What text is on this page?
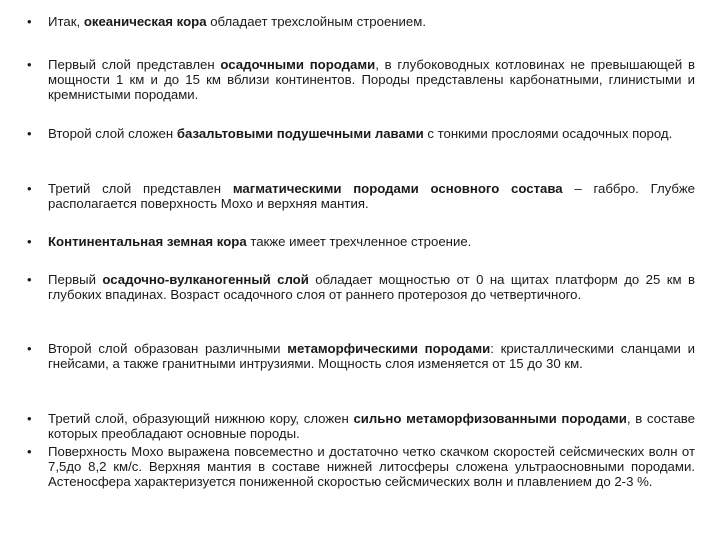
• Итак, океаническая кора обладает трехслойным строением.
• Первый слой представлен осадочными породами, в глубоководных котловинах не превышающей в мощности 1 км и до 15 км вблизи континентов. Породы представлены карбонатными, глинистыми и кремнистыми породами.
• Второй слой сложен базальтовыми подушечными лавами с тонкими прослоями осадочных пород.
• Третий слой представлен магматическими породами основного состава – габбро. Глубже располагается поверхность Мохо и верхняя мантия.
• Континентальная земная кора также имеет трехчленное строение.
• Первый осадочно-вулканогенный слой обладает мощностью от 0 на щитах платформ до 25 км в глубоких впадинах. Возраст осадочного слоя от раннего протерозоя до четвертичного.
• Второй слой образован различными метаморфическими породами: кристаллическими сланцами и гнейсами, а также гранитными интрузиями. Мощность слоя изменяется от 15 до 30 км.
• Третий слой, образующий нижнюю кору, сложен сильно метаморфизованными породами, в составе которых преобладают основные породы.
• Поверхность Мохо выражена повсеместно и достаточно четко скачком скоростей сейсмических волн от 7,5до 8,2 км/с. Верхняя мантия в составе нижней литосферы сложена ультраосновными породами. Астеносфера характеризуется пониженной скоростью сейсмических волн и плавлением до 2-3 %.
